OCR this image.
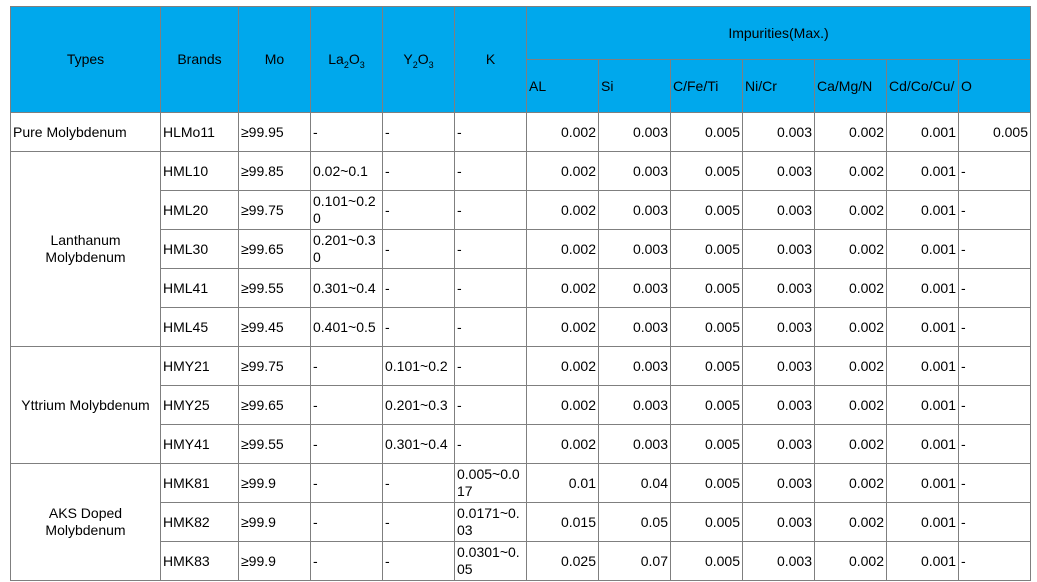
Types	Brands	Mo	$La_2O_3$	$Y_2O_3$	K	Impurities(Max.)						
						AL	Si	C/Fe/Ti	Ni/Cr	Ca/Mg/N	Cd/Co/Cu/	O
Pure Molybdenum	HLMo11	≥99.95	-	-	-	0.002	0.003	0.005	0.003	0.002	0.001	0.005
Lanthanum Molybdenum	HML10	≥99.85	0.02~0.1	-	-	0.002	0.003	0.005	0.003	0.002	0.001	-
	HML20	≥99.75	0.101~0.20	-	-	0.002	0.003	0.005	0.003	0.002	0.001	-
	HML30	≥99.65	0.201~0.30	-	-	0.002	0.003	0.005	0.003	0.002	0.001	-
	HML41	≥99.55	0.301~0.4	-	-	0.002	0.003	0.005	0.003	0.002	0.001	-
	HML45	≥99.45	0.401~0.5	-	-	0.002	0.003	0.005	0.003	0.002	0.001	-
Yttrium Molybdenum	HMY21	≥99.75	-	0.101~0.2	-	0.002	0.003	0.005	0.003	0.002	0.001	-
	HMY25	≥99.65	-	0.201~0.3	-	0.002	0.003	0.005	0.003	0.002	0.001	-
	HMY41	≥99.55	-	0.301~0.4	-	0.002	0.003	0.005	0.003	0.002	0.001	-
AKS Doped Molybdenum	HMK81	≥99.9	-	-	0.005~0.017	0.01	0.04	0.005	0.003	0.002	0.001	-
	HMK82	≥99.9	-	-	0.0171~0.03	0.015	0.05	0.005	0.003	0.002	0.001	-
	HMK83	≥99.9	-	-	0.0301~0.05	0.025	0.07	0.005	0.003	0.002	0.001	-
